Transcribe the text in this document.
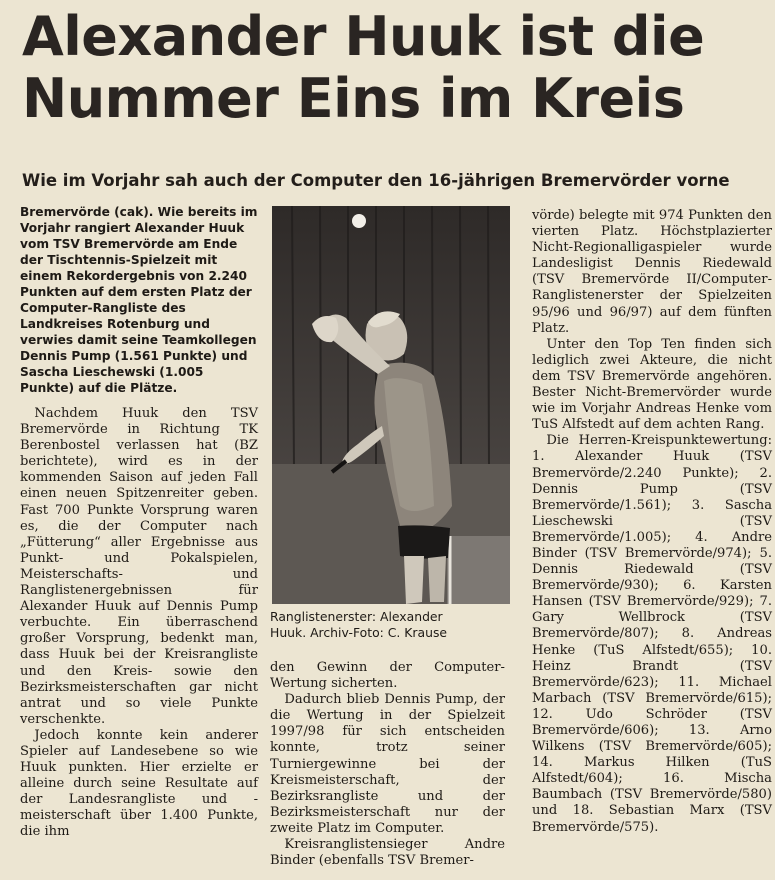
Alexander Huuk ist die
Nummer Eins im Kreis
Wie im Vorjahr sah auch der Computer den 16-jährigen Bremervörder vorne
Bremervörde (cak). Wie bereits im Vorjahr rangiert Alexander Huuk vom TSV Bremervörde am Ende der Tischtennis-Spielzeit mit einem Rekordergebnis von 2.240 Punkten auf dem ersten Platz der Computer-Rangliste des Landkreises Rotenburg und verwies damit seine Teamkollegen Dennis Pump (1.561 Punkte) und Sascha Lieschewski (1.005 Punkte) auf die Plätze.

Nachdem Huuk den TSV Bremervörde in Richtung TK Berenbostel verlassen hat (BZ berichtete), wird es in der kommenden Saison auf jeden Fall einen neuen Spitzenreiter geben. Fast 700 Punkte Vorsprung waren es, die der Computer nach „Fütterung“ aller Ergebnisse aus Punkt- und Pokalspielen, Meisterschafts- und Ranglistenergebnissen für Alexander Huuk auf Dennis Pump verbuchte. Ein überraschend großer Vorsprung, bedenkt man, dass Huuk bei der Kreisrangliste und den Kreis- sowie den Bezirksmeisterschaften gar nicht antrat und so viele Punkte verschenkte.

Jedoch konnte kein anderer Spieler auf Landesebene so wie Huuk punkten. Hier erzielte er alleine durch seine Resultate auf der Landesrangliste und -meisterschaft über 1.400 Punkte, die ihm

Ranglistenerster: Alexander
Huuk. Archiv-Foto: C. Krause

den Gewinn der Computer-Wertung sicherten.

Dadurch blieb Dennis Pump, der die Wertung in der Spielzeit 1997/98 für sich entscheiden konnte, trotz seiner Turniergewinne bei der Kreismeisterschaft, der Bezirksrangliste und der Bezirksmeisterschaft nur der zweite Platz im Computer.

Kreisranglistensieger Andre Binder (ebenfalls TSV Bremer-

vörde) belegte mit 974 Punkten den vierten Platz. Höchstplazierter Nicht-Regionalligaspieler wurde Landesligist Dennis Riedewald (TSV Bremervörde II/Computer-Ranglistenerster der Spielzeiten 95/96 und 96/97) auf dem fünften Platz.

Unter den Top Ten finden sich lediglich zwei Akteure, die nicht dem TSV Bremervörde angehören. Bester Nicht-Bremervörder wurde wie im Vorjahr Andreas Henke vom TuS Alfstedt auf dem achten Rang.

Die Herren-Kreispunktewertung: 1. Alexander Huuk (TSV Bremervörde/2.240 Punkte); 2. Dennis Pump (TSV Bremervörde/1.561); 3. Sascha Lieschewski (TSV Bremervörde/1.005); 4. Andre Binder (TSV Bremervörde/974); 5. Dennis Riedewald (TSV Bremervörde/930); 6. Karsten Hansen (TSV Bremervörde/929); 7. Gary Wellbrock (TSV Bremervörde/807); 8. Andreas Henke (TuS Alfstedt/655); 10. Heinz Brandt (TSV Bremervörde/623); 11. Michael Marbach (TSV Bremervörde/615); 12. Udo Schröder (TSV Bremervörde/606); 13. Arno Wilkens (TSV Bremervörde/605); 14. Markus Hilken (TuS Alfstedt/604); 16. Mischa Baumbach (TSV Bremervörde/580) und 18. Sebastian Marx (TSV Bremervörde/575).
